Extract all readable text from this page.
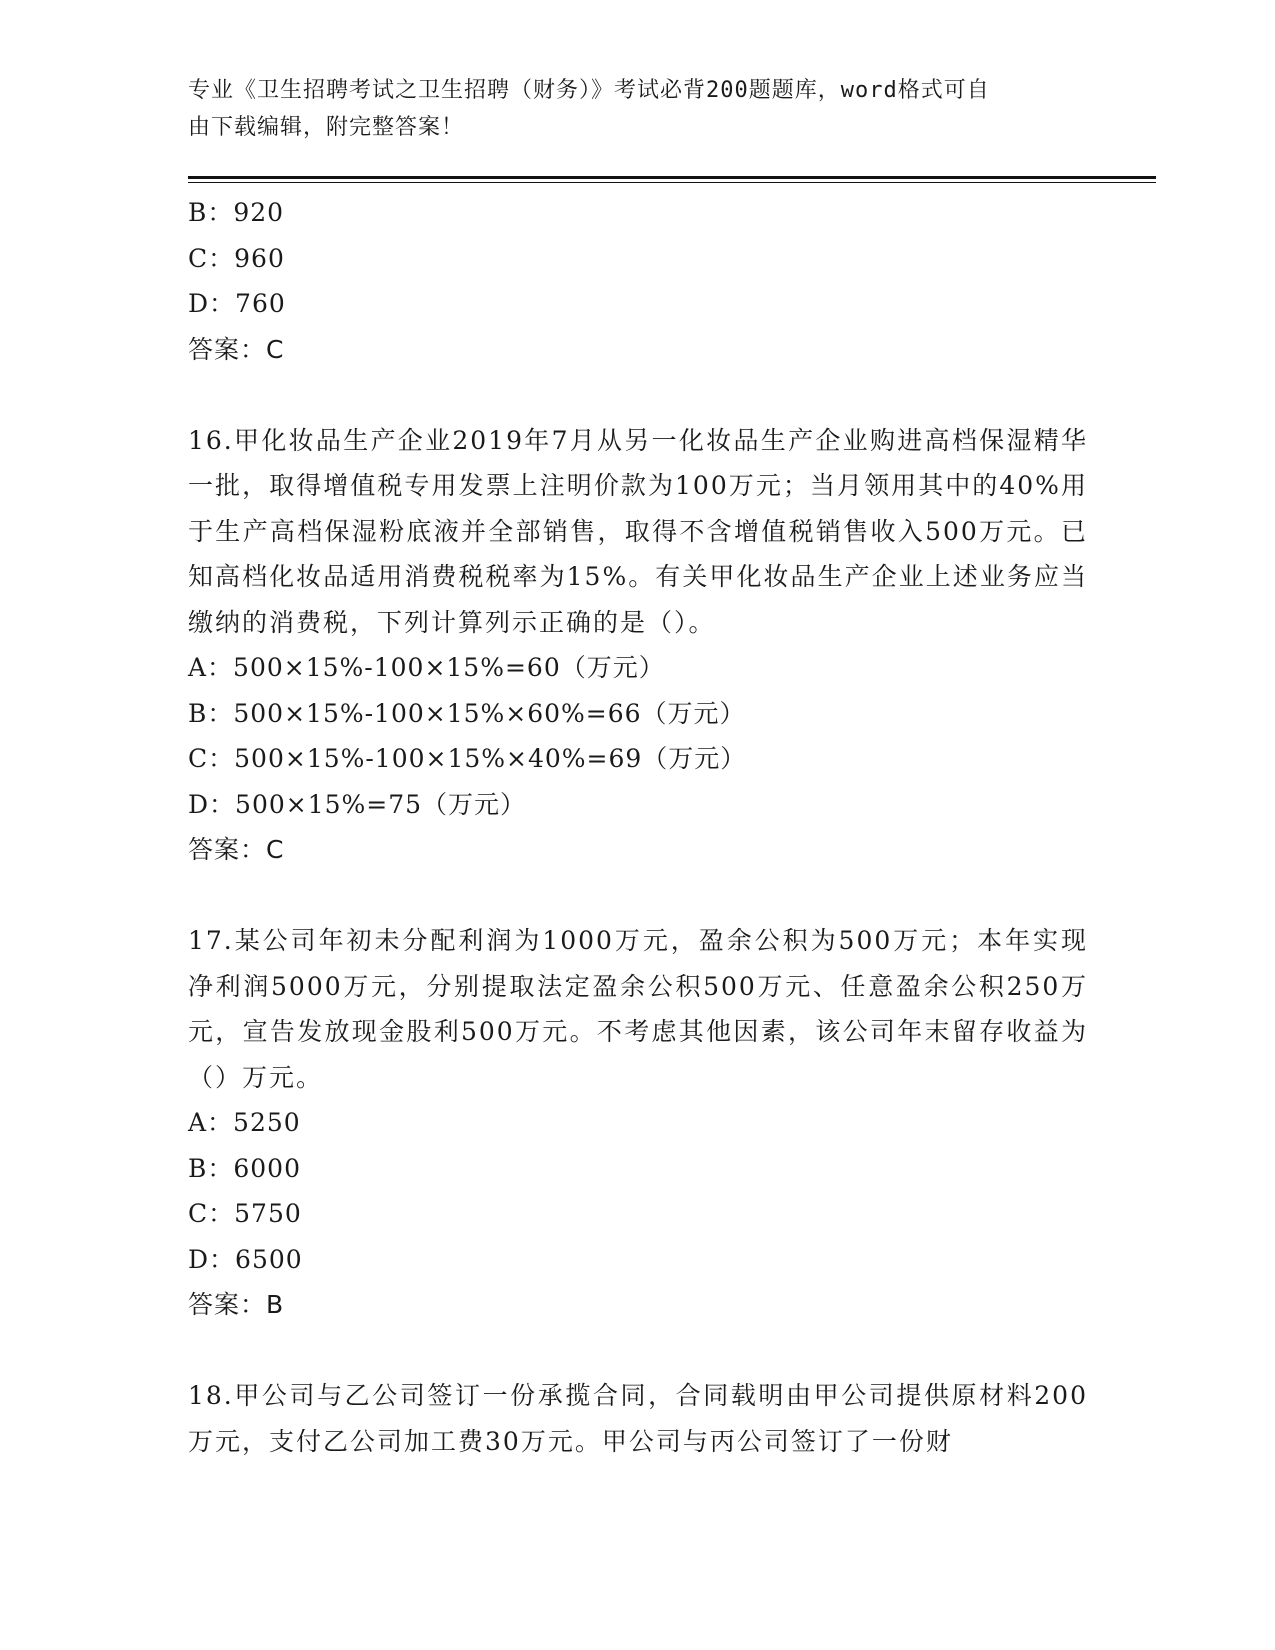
专业《卫生招聘考试之卫生招聘（财务）》考试必背200题题库，word格式可自
由下载编辑，附完整答案！
B：920
C：960
D：760
答案：C
16.甲化妆品生产企业2019年7月从另一化妆品生产企业购进高档保湿精华一批，取得增值税专用发票上注明价款为100万元；当月领用其中的40%用于生产高档保湿粉底液并全部销售，取得不含增值税销售收入500万元。已知高档化妆品适用消费税税率为15%。有关甲化妆品生产企业上述业务应当缴纳的消费税，下列计算列示正确的是（）。
A：500×15%-100×15%=60（万元）
B：500×15%-100×15%×60%=66（万元）
C：500×15%-100×15%×40%=69（万元）
D：500×15%=75（万元）
答案：C
17.某公司年初未分配利润为1000万元，盈余公积为500万元；本年实现净利润5000万元，分别提取法定盈余公积500万元、任意盈余公积250万元，宣告发放现金股利500万元。不考虑其他因素，该公司年末留存收益为（）万元。
A：5250
B：6000
C：5750
D：6500
答案：B
18.甲公司与乙公司签订一份承揽合同，合同载明由甲公司提供原材料200万元，支付乙公司加工费30万元。甲公司与丙公司签订了一份财
